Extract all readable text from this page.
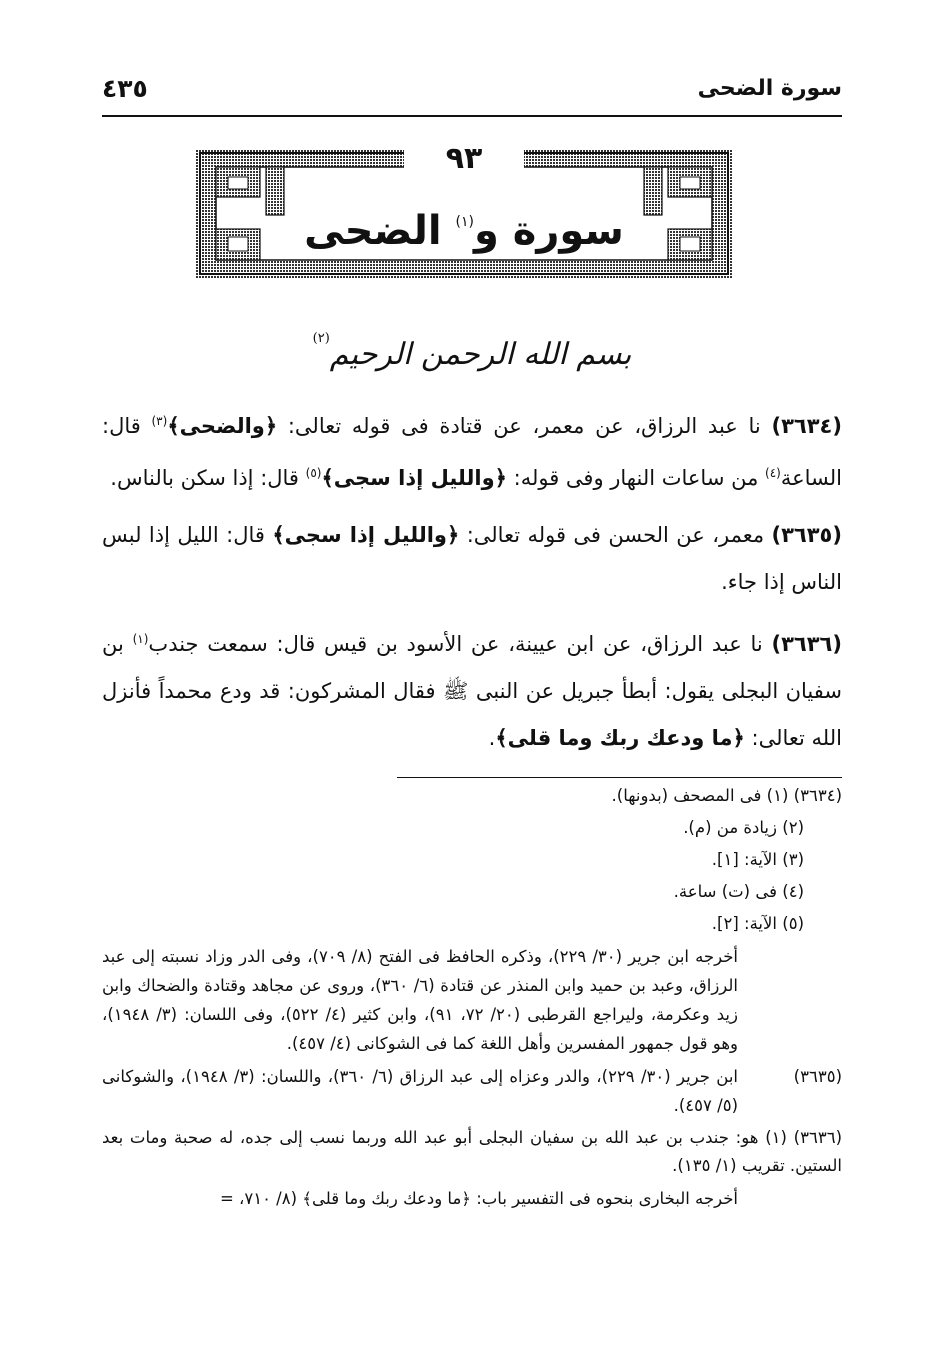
سورة الضحى
٤٣٥
٩٣
سورة و$^{(١)}$ الضحى
بسم الله الرحمن الرحيم$^{(٢)}$

(٣٦٣٤) نا عبد الرزاق، عن معمر، عن قتادة فى قوله تعالى: ﴿والضحى﴾$^{(٣)}$ قال: الساعة$^{(٤)}$ من ساعات النهار وفى قوله: ﴿والليل إذا سجى﴾$^{(٥)}$ قال: إذا سكن بالناس.

(٣٦٣٥) معمر، عن الحسن فى قوله تعالى: ﴿والليل إذا سجى﴾ قال: الليل إذا لبس الناس إذا جاء.

(٣٦٣٦) نا عبد الرزاق، عن ابن عيينة، عن الأسود بن قيس قال: سمعت جندب$^{(١)}$ بن سفيان البجلى يقول: أبطأ جبريل عن النبى ﷺ فقال المشركون: قد ودع محمداً فأنزل الله تعالى: ﴿ما ودعك ربك وما قلى﴾.

(٣٦٣٤) (١) فى المصحف (بدونها).

(٢) زيادة من (م).

(٣) الآية: [١].

(٤) فى (ت) ساعة.

(٥) الآية: [٢].

أخرجه ابن جرير (٣٠/ ٢٢٩)، وذكره الحافظ فى الفتح (٨/ ٧٠٩)، وفى الدر وزاد نسبته إلى عبد الرزاق، وعبد بن حميد وابن المنذر عن قتادة (٦/ ٣٦٠)، وروى عن مجاهد وقتادة والضحاك وابن زيد وعكرمة، وليراجع القرطبى (٢٠/ ٧٢، ٩١)، وابن كثير (٤/ ٥٢٢)، وفى اللسان: (٣/ ١٩٤٨)، وهو قول جمهور المفسرين وأهل اللغة كما فى الشوكانى (٤/ ٤٥٧).

(٣٦٣٥)
ابن جرير (٣٠/ ٢٢٩)، والدر وعزاه إلى عبد الرزاق (٦/ ٣٦٠)، واللسان: (٣/ ١٩٤٨)، والشوكانى (٥/ ٤٥٧).

(٣٦٣٦) (١) هو: جندب بن عبد الله بن سفيان البجلى أبو عبد الله وربما نسب إلى جده، له صحبة ومات بعد الستين. تقريب (١/ ١٣٥).

أخرجه البخارى بنحوه فى التفسير باب: ﴿ما ودعك ربك وما قلى﴾ (٨/ ٧١٠، =
